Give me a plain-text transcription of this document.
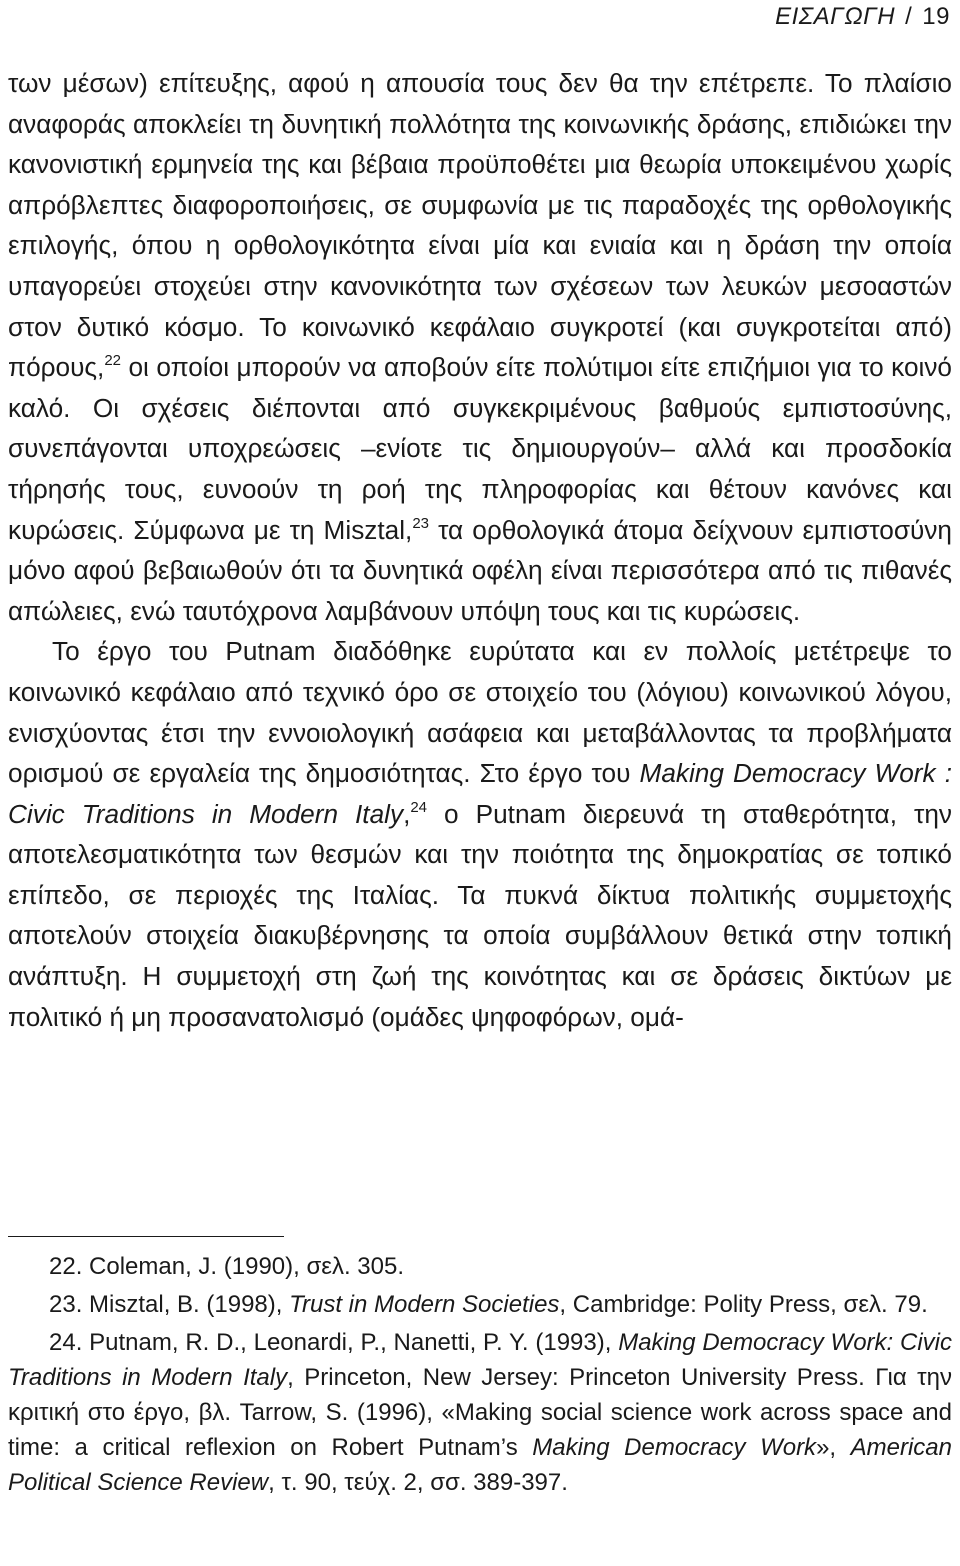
ΕΙΣΑΓΩΓΗ / 19

των μέσων) επίτευξης, αφού η απουσία τους δεν θα την επέτρεπε. Το πλαίσιο αναφοράς αποκλείει τη δυνητική πολλότητα της κοινωνικής δράσης, επιδιώκει την κανονιστική ερμηνεία της και βέβαια προϋποθέτει μια θεωρία υποκειμένου χωρίς απρόβλεπτες διαφοροποιήσεις, σε συμφωνία με τις παραδοχές της ορθολογικής επιλογής, όπου η ορθολογικότητα είναι μία και ενιαία και η δράση την οποία υπαγορεύει στοχεύει στην κανονικότητα των σχέσεων των λευκών μεσοαστών στον δυτικό κόσμο. Το κοινωνικό κεφάλαιο συγκροτεί (και συγκροτείται από) πόρους,$^{22}$ οι οποίοι μπορούν να αποβούν είτε πολύτιμοι είτε επιζήμιοι για το κοινό καλό. Οι σχέσεις διέπονται από συγκεκριμένους βαθμούς εμπιστοσύνης, συνεπάγονται υποχρεώσεις –ενίοτε τις δημιουργούν– αλλά και προσδοκία τήρησής τους, ευνοούν τη ροή της πληροφορίας και θέτουν κανόνες και κυρώσεις. Σύμφωνα με τη Misztal,$^{23}$ τα ορθολογικά άτομα δείχνουν εμπιστοσύνη μόνο αφού βεβαιωθούν ότι τα δυνητικά οφέλη είναι περισσότερα από τις πιθανές απώλειες, ενώ ταυτόχρονα λαμβάνουν υπόψη τους και τις κυρώσεις.

Το έργο του Putnam διαδόθηκε ευρύτατα και εν πολλοίς μετέτρεψε το κοινωνικό κεφάλαιο από τεχνικό όρο σε στοιχείο του (λόγιου) κοινωνικού λόγου, ενισχύοντας έτσι την εννοιολογική ασάφεια και μεταβάλλοντας τα προβλήματα ορισμού σε εργαλεία της δημοσιότητας. Στο έργο του Making Democracy Work : Civic Traditions in Modern Italy,$^{24}$ ο Putnam διερευνά τη σταθερότητα, την αποτελεσματικότητα των θεσμών και την ποιότητα της δημοκρατίας σε τοπικό επίπεδο, σε περιοχές της Ιταλίας. Τα πυκνά δίκτυα πολιτικής συμμετοχής αποτελούν στοιχεία διακυβέρνησης τα οποία συμβάλλουν θετικά στην τοπική ανάπτυξη. Η συμμετοχή στη ζωή της κοινότητας και σε δράσεις δικτύων με πολιτικό ή μη προσανατολισμό (ομάδες ψηφοφόρων, ομά-

22. Coleman, J. (1990), σελ. 305.

23. Misztal, B. (1998), Trust in Modern Societies, Cambridge: Polity Press, σελ. 79.

24. Putnam, R. D., Leonardi, P., Nanetti, P. Y. (1993), Making Democracy Work: Civic Traditions in Modern Italy, Princeton, New Jersey: Princeton University Press. Για την κριτική στο έργο, βλ. Tarrow, S. (1996), «Making social science work across space and time: a critical reflexion on Robert Putnam’s Making Democracy Work», American Political Science Review, τ. 90, τεύχ. 2, σσ. 389-397.
